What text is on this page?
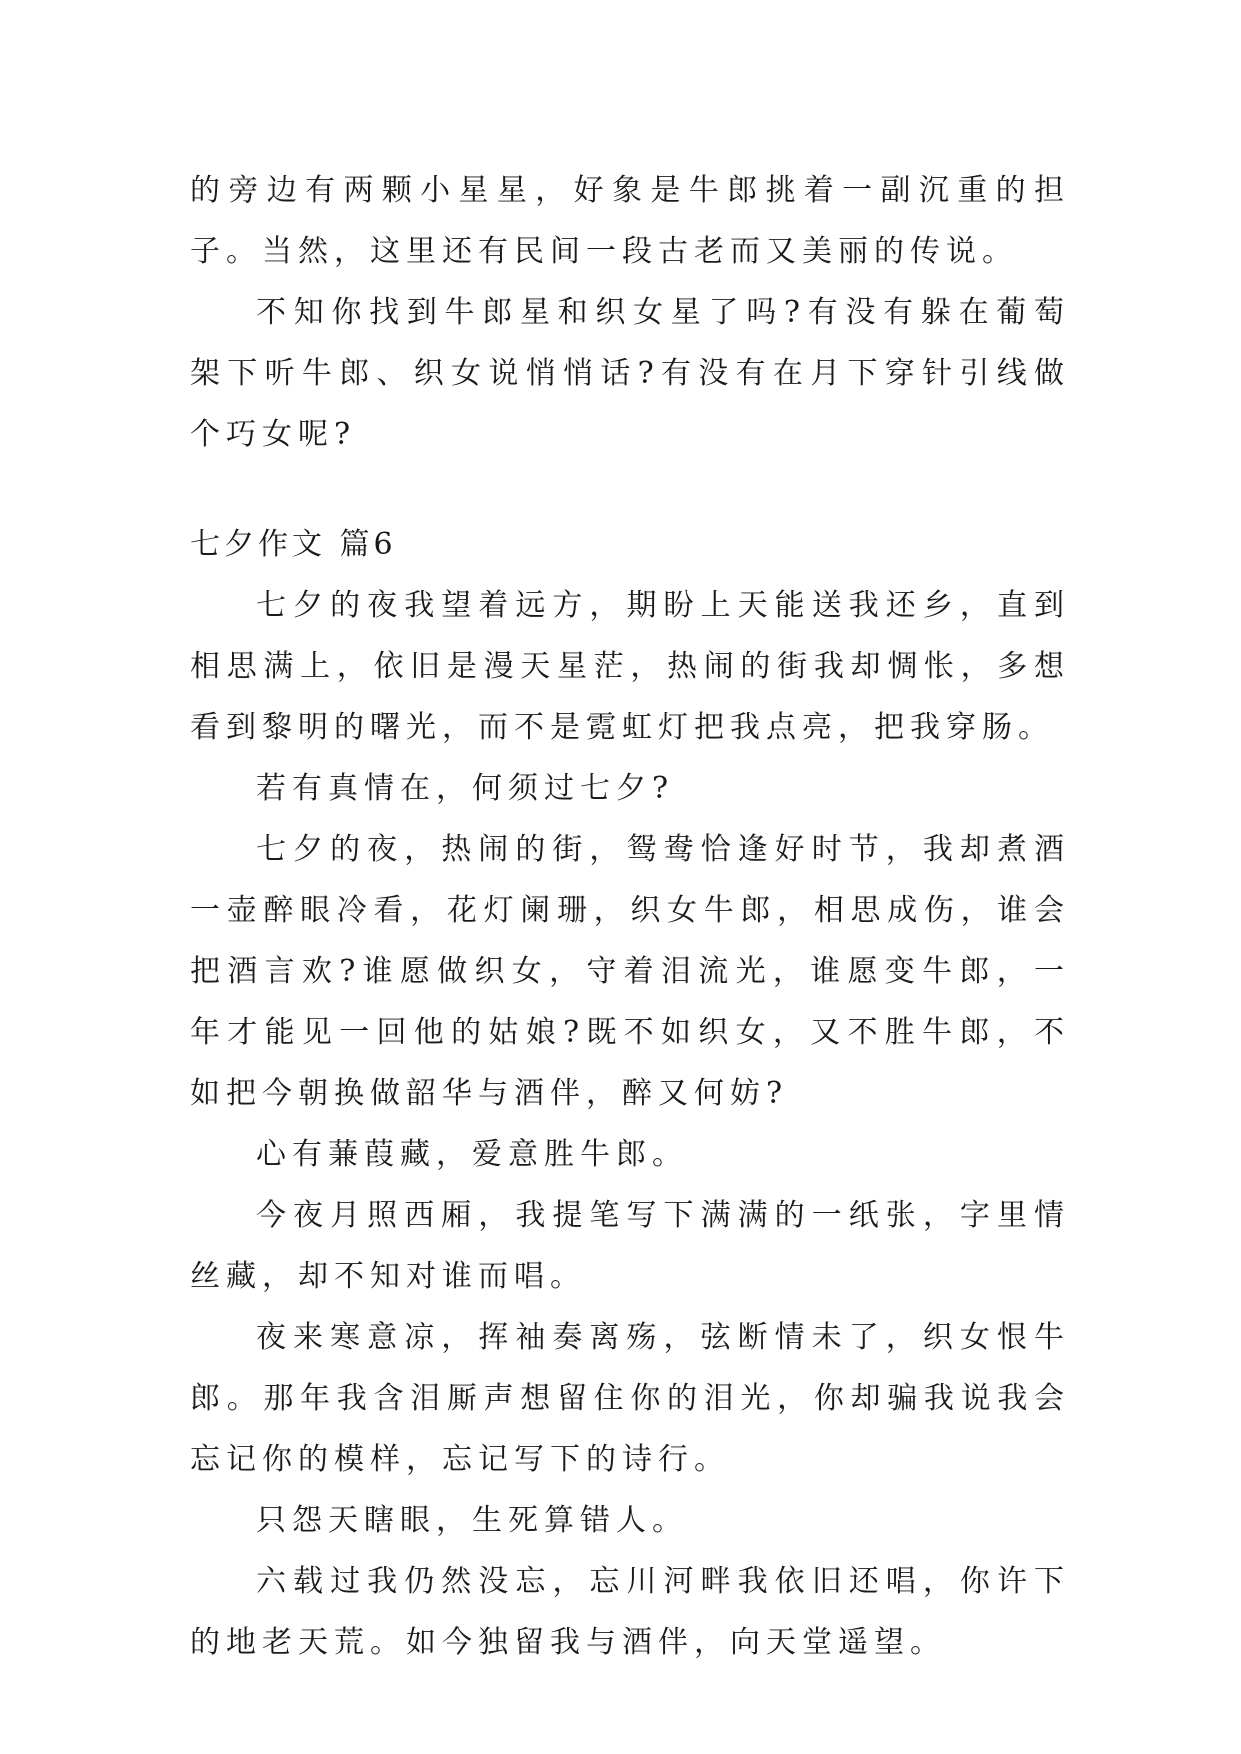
的旁边有两颗小星星，好象是牛郎挑着一副沉重的担子。当然，这里还有民间一段古老而又美丽的传说。

不知你找到牛郎星和织女星了吗?有没有躲在葡萄架下听牛郎、织女说悄悄话?有没有在月下穿针引线做个巧女呢?

七夕作文 篇6

七夕的夜我望着远方，期盼上天能送我还乡，直到相思满上，依旧是漫天星茫，热闹的街我却惆怅，多想看到黎明的曙光，而不是霓虹灯把我点亮，把我穿肠。

若有真情在，何须过七夕?

七夕的夜，热闹的街，鸳鸯恰逢好时节，我却煮酒一壶醉眼冷看，花灯阑珊，织女牛郎，相思成伤，谁会把酒言欢?谁愿做织女，守着泪流光，谁愿变牛郎，一年才能见一回他的姑娘?既不如织女，又不胜牛郎，不如把今朝换做韶华与酒伴，醉又何妨?

心有蒹葭藏，爱意胜牛郎。

今夜月照西厢，我提笔写下满满的一纸张，字里情丝藏，却不知对谁而唱。

夜来寒意凉，挥袖奏离殇，弦断情未了，织女恨牛郎。那年我含泪厮声想留住你的泪光，你却骗我说我会忘记你的模样，忘记写下的诗行。

只怨天瞎眼，生死算错人。

六载过我仍然没忘，忘川河畔我依旧还唱，你许下的地老天荒。如今独留我与酒伴，向天堂遥望。
